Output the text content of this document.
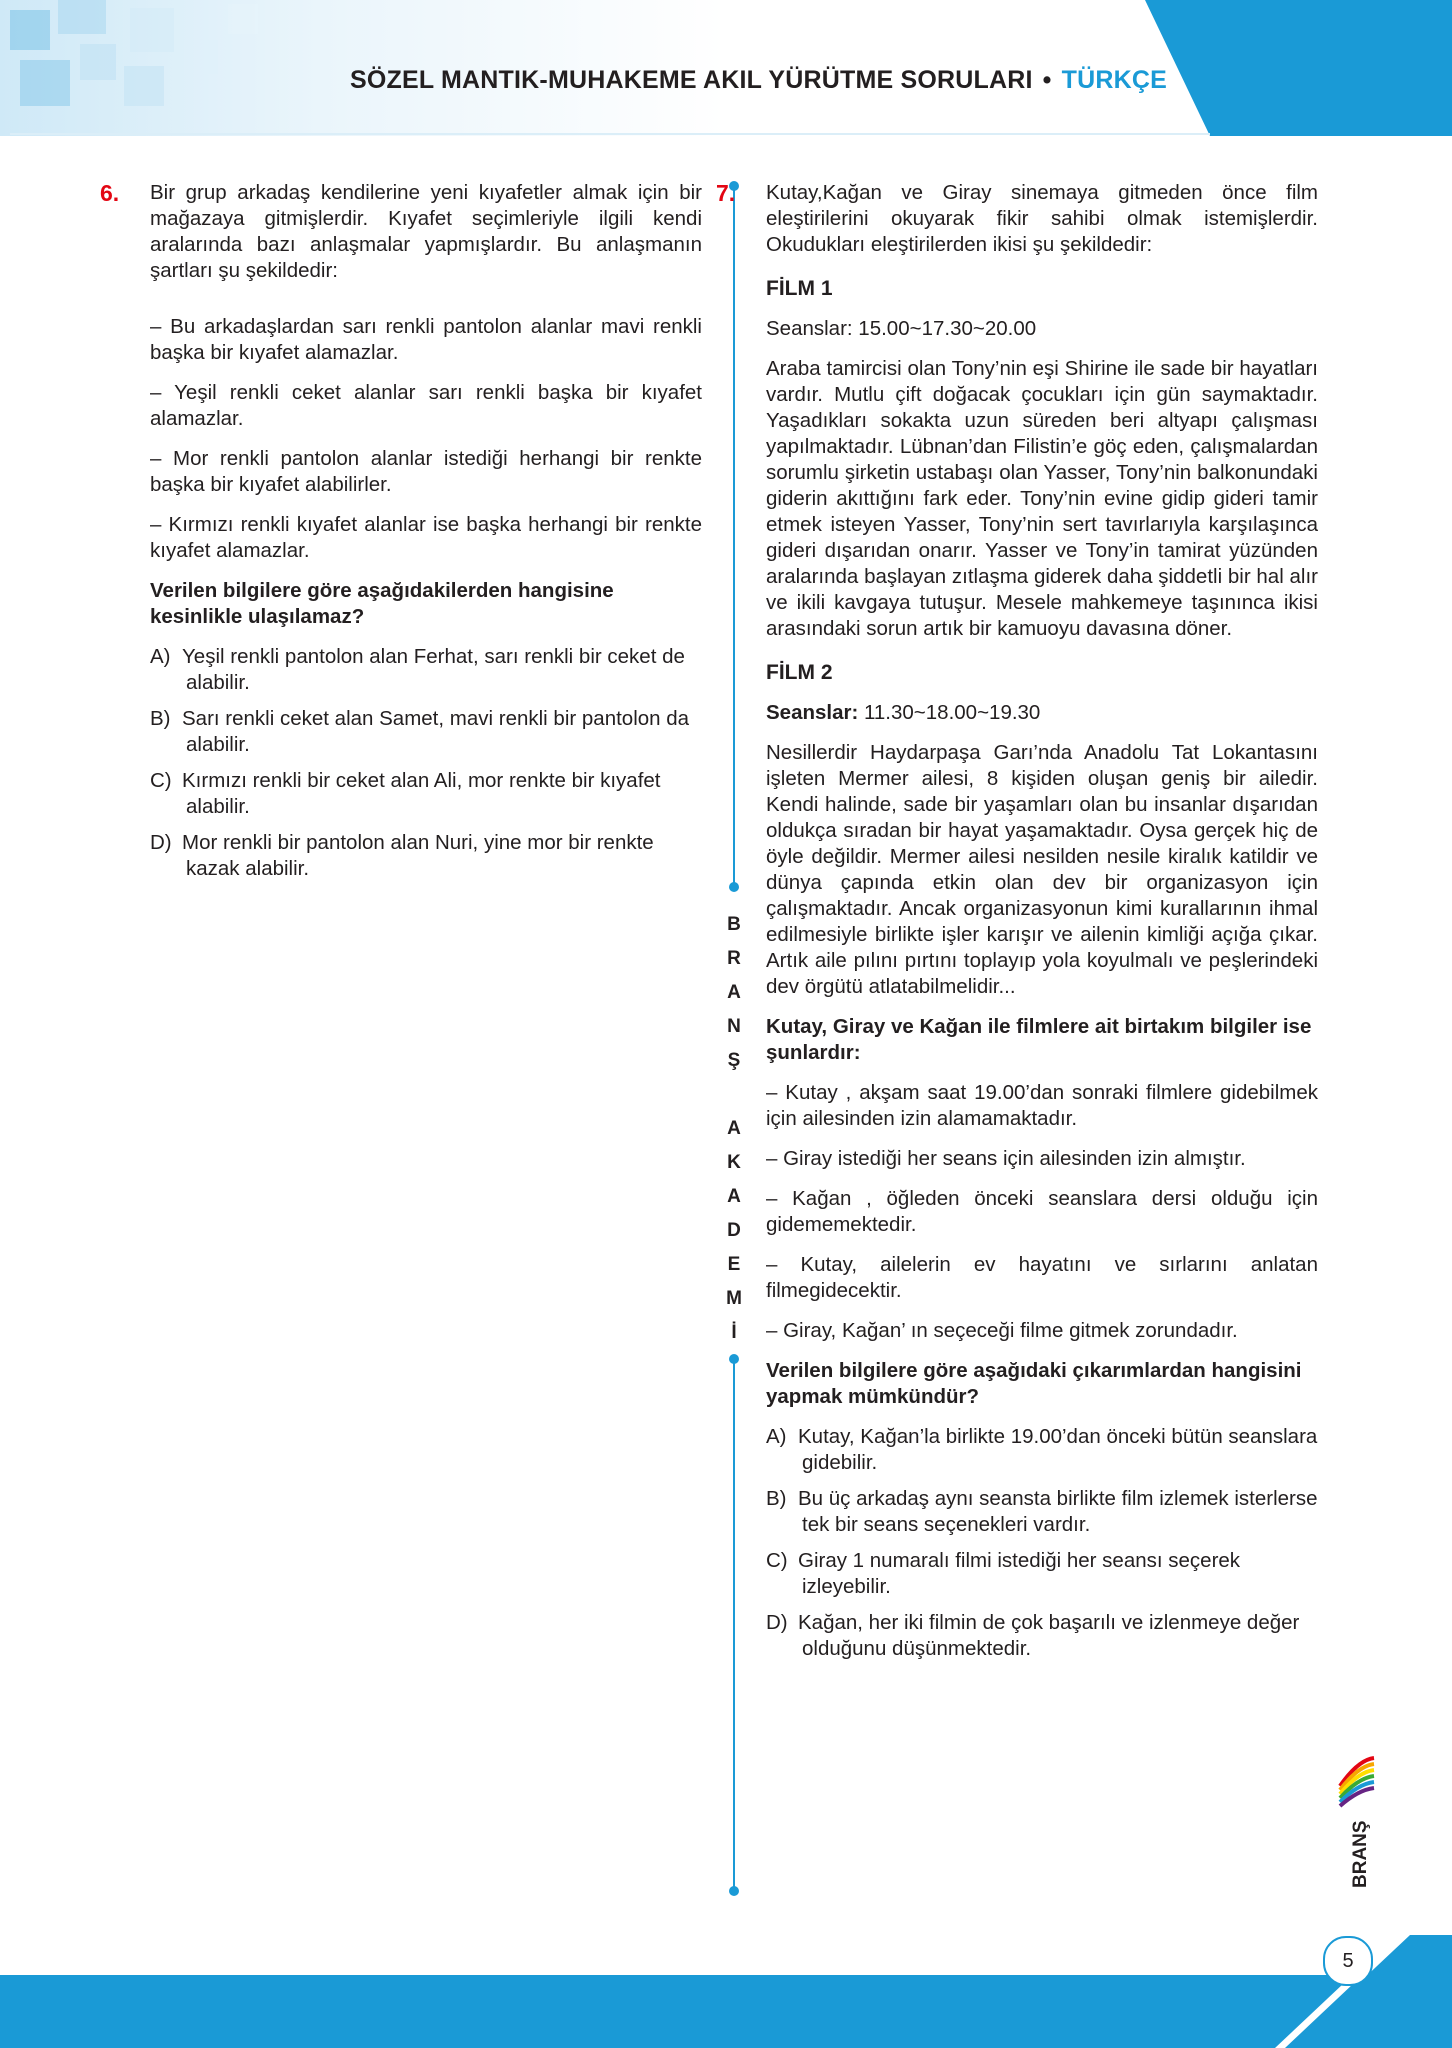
SÖZEL MANTIK-MUHAKEME AKIL YÜRÜTME SORULARI • TÜRKÇE
6. Bir grup arkadaş kendilerine yeni kıyafetler almak için bir mağazaya gitmişlerdir. Kıyafet seçimleriyle ilgili kendi aralarında bazı anlaşmalar yapmışlardır. Bu anlaşmanın şartları şu şekildedir:

– Bu arkadaşlardan sarı renkli pantolon alanlar mavi renkli başka bir kıyafet alamazlar.

– Yeşil renkli ceket alanlar sarı renkli başka bir kıyafet alamazlar.

– Mor renkli pantolon alanlar istediği herhangi bir renkte başka bir kıyafet alabilirler.

– Kırmızı renkli kıyafet alanlar ise başka herhangi bir renkte kıyafet alamazlar.

Verilen bilgilere göre aşağıdakilerden hangisine kesinlikle ulaşılamaz?

A) Yeşil renkli pantolon alan Ferhat, sarı renkli bir ceket de alabilir.
B) Sarı renkli ceket alan Samet, mavi renkli bir pantolon da alabilir.
C) Kırmızı renkli bir ceket alan Ali, mor renkte bir kıyafet alabilir.
D) Mor renkli bir pantolon alan Nuri, yine mor bir renkte kazak alabilir.
B
R
A
N
Ş
A
K
A
D
E
M
İ
7. Kutay,Kağan ve Giray sinemaya gitmeden önce film eleştirilerini okuyarak fikir sahibi olmak istemişlerdir. Okudukları eleştirilerden ikisi şu şekildedir:

FİLM 1

Seanslar: 15.00~17.30~20.00

Araba tamircisi olan Tony’nin eşi Shirine ile sade bir hayatları vardır. Mutlu çift doğacak çocukları için gün saymaktadır. Yaşadıkları sokakta uzun süreden beri altyapı çalışması yapılmaktadır. Lübnan’dan Filistin’e göç eden, çalışmalardan sorumlu şirketin ustabaşı olan Yasser, Tony’nin balkonundaki giderin akıttığını fark eder. Tony’nin evine gidip gideri tamir etmek isteyen Yasser, Tony’nin sert tavırlarıyla karşılaşınca gideri dışarıdan onarır. Yasser ve Tony’in tamirat yüzünden aralarında başlayan zıtlaşma giderek daha şiddetli bir hal alır ve ikili kavgaya tutuşur. Mesele mahkemeye taşınınca ikisi arasındaki sorun artık bir kamuoyu davasına döner.

FİLM 2

Seanslar: 11.30~18.00~19.30

Nesillerdir Haydarpaşa Garı’nda Anadolu Tat Lokantasını işleten Mermer ailesi, 8 kişiden oluşan geniş bir ailedir. Kendi halinde, sade bir yaşamları olan bu insanlar dışarıdan oldukça sıradan bir hayat yaşamaktadır. Oysa gerçek hiç de öyle değildir. Mermer ailesi nesilden nesile kiralık katildir ve dünya çapında etkin olan dev bir organizasyon için çalışmaktadır. Ancak organizasyonun kimi kurallarının ihmal edilmesiyle birlikte işler karışır ve ailenin kimliği açığa çıkar. Artık aile pılını pırtını toplayıp yola koyulmalı ve peşlerindeki dev örgütü atlatabilmelidir...

Kutay, Giray ve Kağan ile filmlere ait birtakım bilgiler ise şunlardır:

– Kutay , akşam saat 19.00’dan sonraki filmlere gidebilmek için ailesinden izin alamamaktadır.

– Giray istediği her seans için ailesinden izin almıştır.

– Kağan , öğleden önceki seanslara dersi olduğu için gidememektedir.

– Kutay, ailelerin ev hayatını ve sırlarını anlatan filmegidecektir.

– Giray, Kağan’ ın seçeceği filme gitmek zorundadır.

Verilen bilgilere göre aşağıdaki çıkarımlardan hangisini yapmak mümkündür?

A) Kutay, Kağan’la birlikte 19.00’dan önceki bütün seanslara gidebilir.
B) Bu üç arkadaş aynı seansta birlikte film izlemek isterlerse tek bir seans seçenekleri vardır.
C) Giray 1 numaralı filmi istediği her seansı seçerek izleyebilir.
D) Kağan, her iki filmin de çok başarılı ve izlenmeye değer olduğunu düşünmektedir.
BRANŞ
5
